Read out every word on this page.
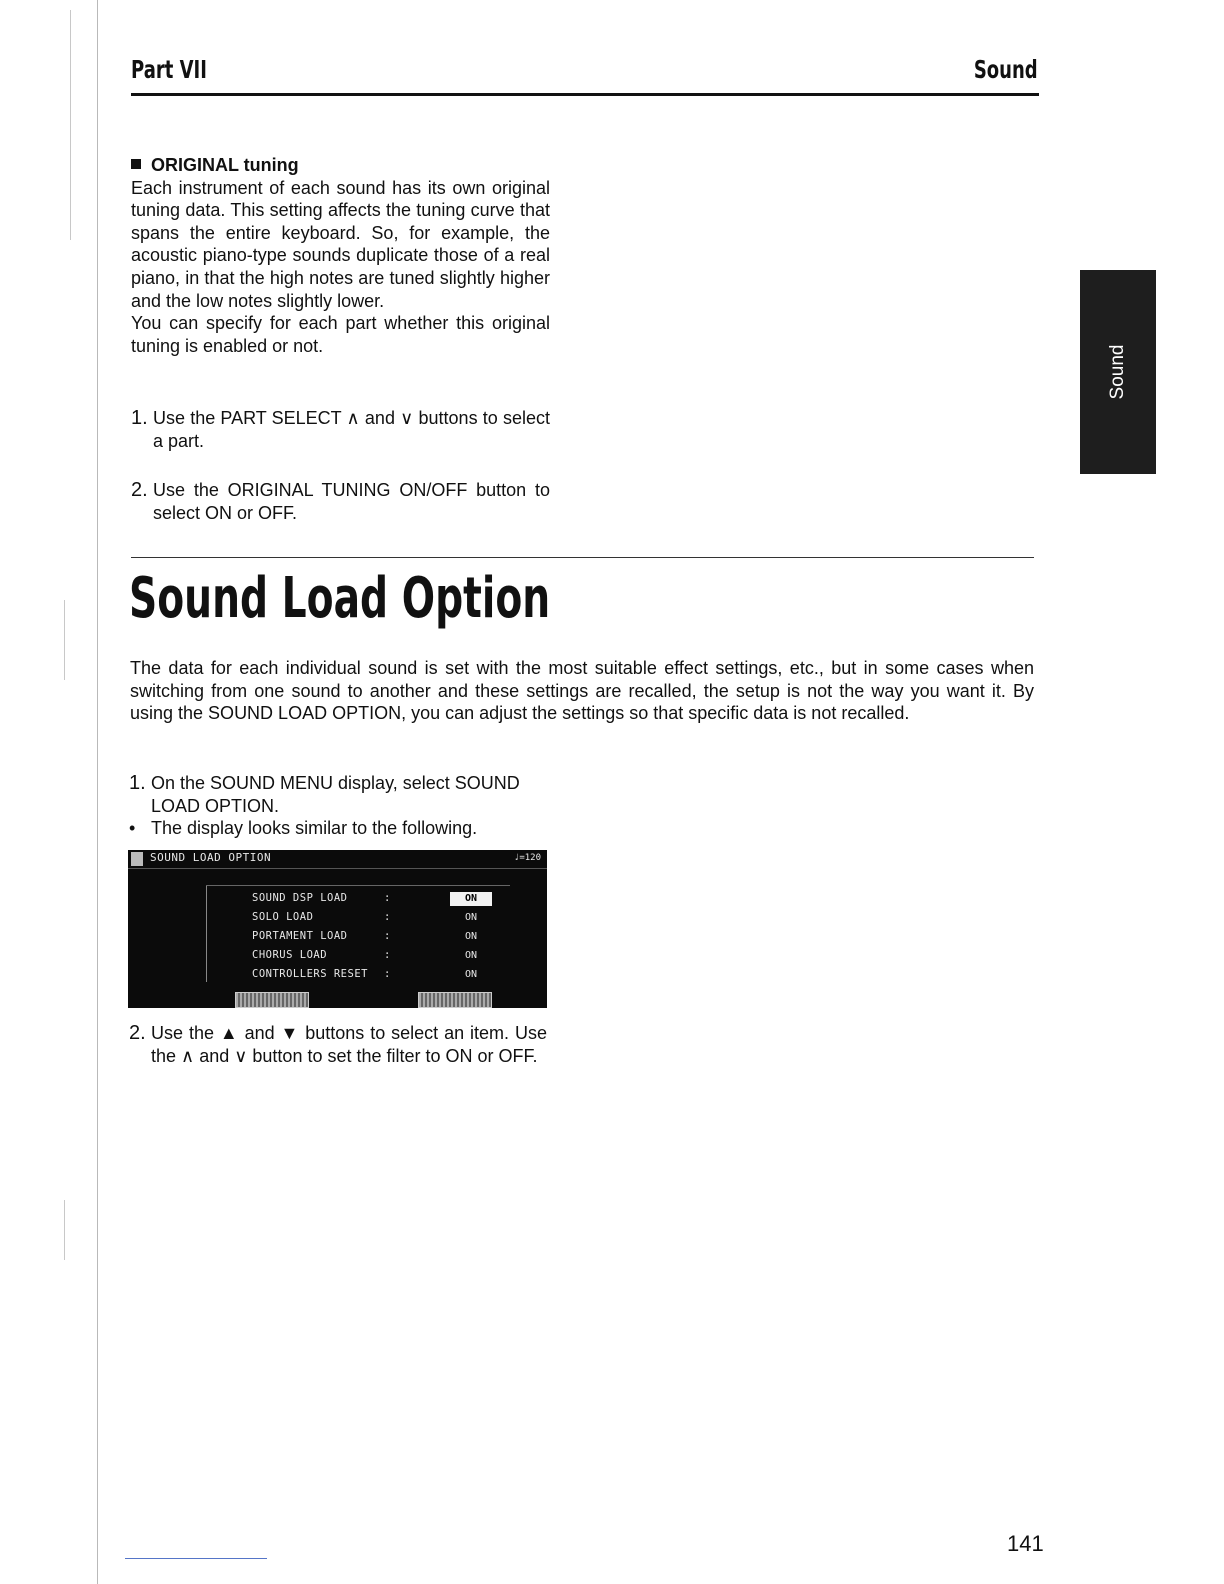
Part VII	Sound
Sound
ORIGINAL tuning
Each instrument of each sound has its own original tuning data. This setting affects the tuning curve that spans the entire keyboard. So, for example, the acoustic piano-type sounds duplicate those of a real piano, in that the high notes are tuned slightly higher and the low notes slightly lower.
You can specify for each part whether this original tuning is enabled or not.
1. Use the PART SELECT ∧ and ∨ buttons to select a part.
2. Use the ORIGINAL TUNING ON/OFF button to select ON or OFF.
Sound Load Option
The data for each individual sound is set with the most suitable effect settings, etc., but in some cases when switching from one sound to another and these settings are recalled, the setup is not the way you want it. By using the SOUND LOAD OPTION, you can adjust the settings so that specific data is not recalled.
1. On the SOUND MENU display, select SOUND LOAD OPTION.
• The display looks similar to the following.
SOUND LOAD OPTION	♩=120
SOUND DSP LOAD	:	ON
SOLO LOAD	:	ON
PORTAMENT LOAD	:	ON
CHORUS LOAD	:	ON
CONTROLLERS RESET :	ON
2. Use the ▲ and ▼ buttons to select an item. Use the ∧ and ∨ button to set the filter to ON or OFF.
141
